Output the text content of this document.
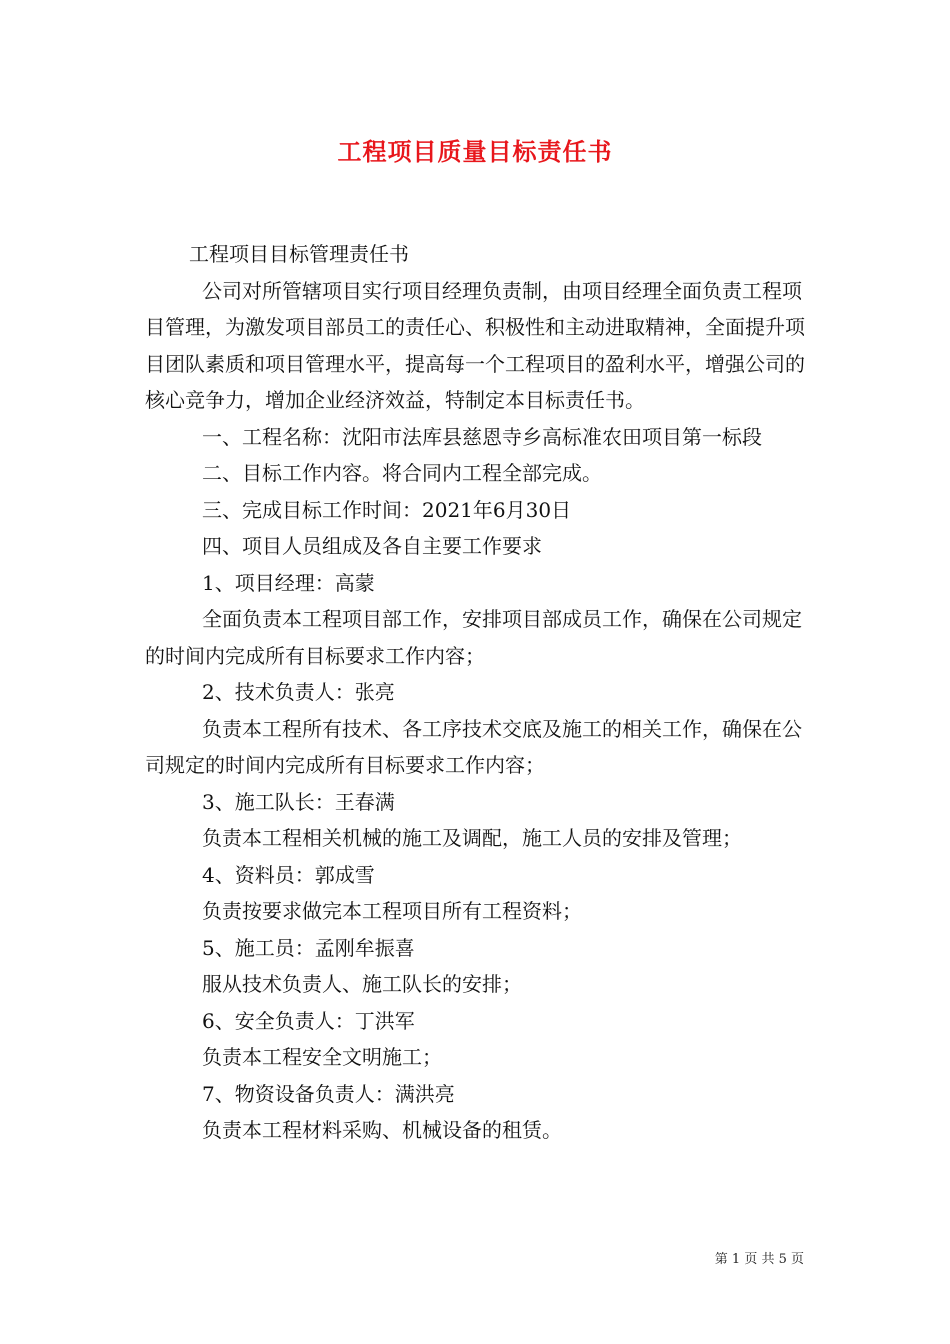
工程项目质量目标责任书

工程项目目标管理责任书

公司对所管辖项目实行项目经理负责制，由项目经理全面负责工程项目管理，为激发项目部员工的责任心、积极性和主动进取精神，全面提升项目团队素质和项目管理水平，提高每一个工程项目的盈利水平，增强公司的核心竞争力，增加企业经济效益，特制定本目标责任书。

一、工程名称：沈阳市法库县慈恩寺乡高标准农田项目第一标段

二、目标工作内容。将合同内工程全部完成。

三、完成目标工作时间：2021年6月30日

四、项目人员组成及各自主要工作要求

1、项目经理：高蒙

全面负责本工程项目部工作，安排项目部成员工作，确保在公司规定的时间内完成所有目标要求工作内容；

2、技术负责人：张亮

负责本工程所有技术、各工序技术交底及施工的相关工作，确保在公司规定的时间内完成所有目标要求工作内容；

3、施工队长：王春满

负责本工程相关机械的施工及调配，施工人员的安排及管理；

4、资料员：郭成雪

负责按要求做完本工程项目所有工程资料；

5、施工员：孟刚牟振喜

服从技术负责人、施工队长的安排；

6、安全负责人：丁洪军

负责本工程安全文明施工；

7、物资设备负责人：满洪亮

负责本工程材料采购、机械设备的租赁。

第 1 页 共 5 页
